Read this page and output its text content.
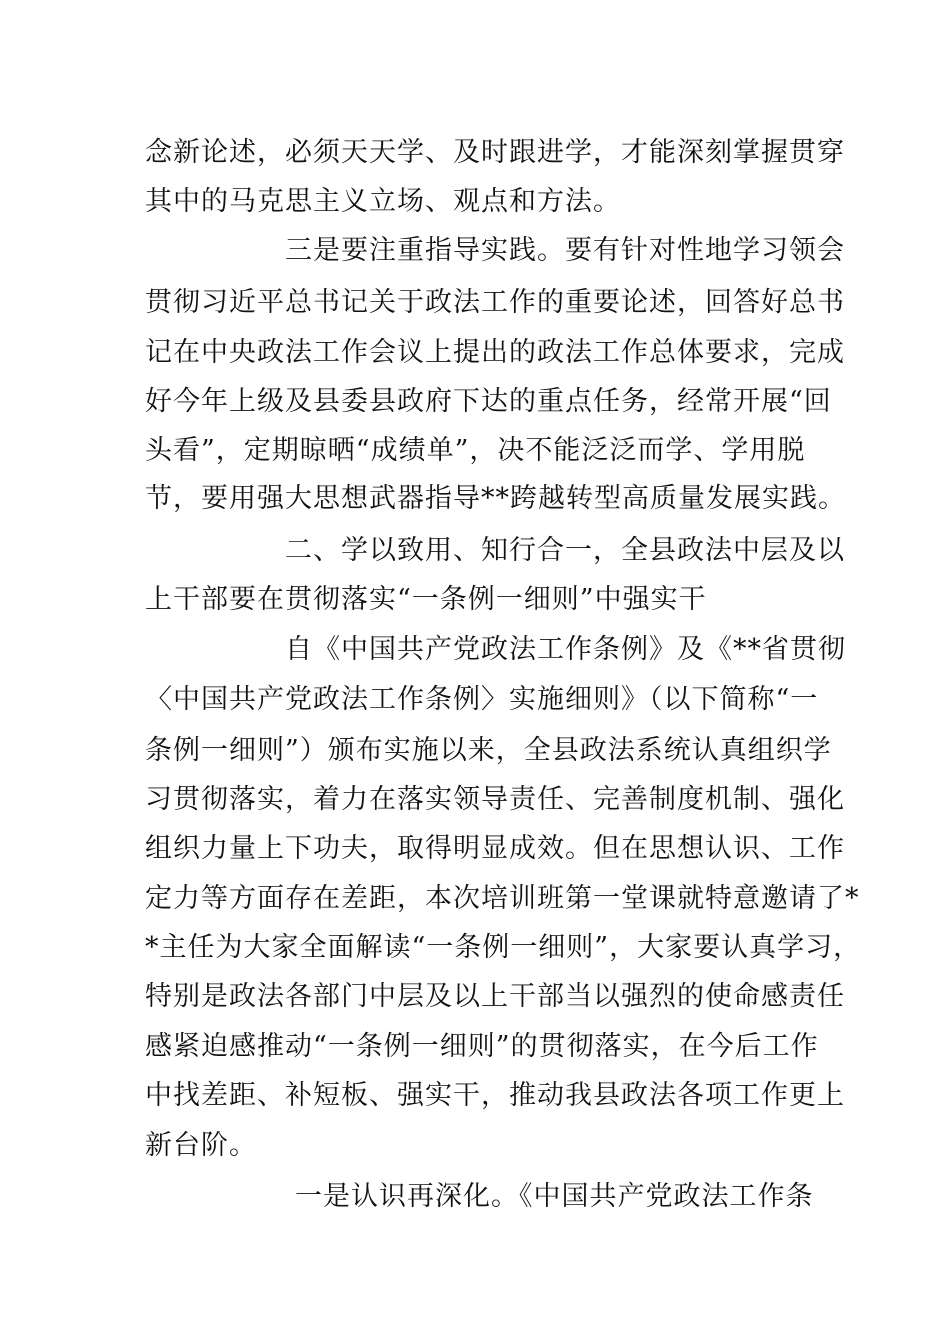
念新论述，必须天天学、及时跟进学，才能深刻掌握贯穿
其中的马克思主义立场、观点和方法。
三是要注重指导实践。要有针对性地学习领会
贯彻习近平总书记关于政法工作的重要论述，回答好总书
记在中央政法工作会议上提出的政法工作总体要求，完成
好今年上级及县委县政府下达的重点任务，经常开展“回
头看”，定期晾晒“成绩单”，决不能泛泛而学、学用脱
节，要用强大思想武器指导**跨越转型高质量发展实践。
二、学以致用、知行合一，全县政法中层及以
上干部要在贯彻落实“一条例一细则”中强实干
自《中国共产党政法工作条例》及《**省贯彻
〈中国共产党政法工作条例〉实施细则》（以下简称“一
条例一细则”）颁布实施以来，全县政法系统认真组织学
习贯彻落实，着力在落实领导责任、完善制度机制、强化
组织力量上下功夫，取得明显成效。但在思想认识、工作
定力等方面存在差距，本次培训班第一堂课就特意邀请了*
*主任为大家全面解读“一条例一细则”，大家要认真学习，
特别是政法各部门中层及以上干部当以强烈的使命感责任
感紧迫感推动“一条例一细则”的贯彻落实，在今后工作
中找差距、补短板、强实干，推动我县政法各项工作更上
新台阶。
一是认识再深化。《中国共产党政法工作条
